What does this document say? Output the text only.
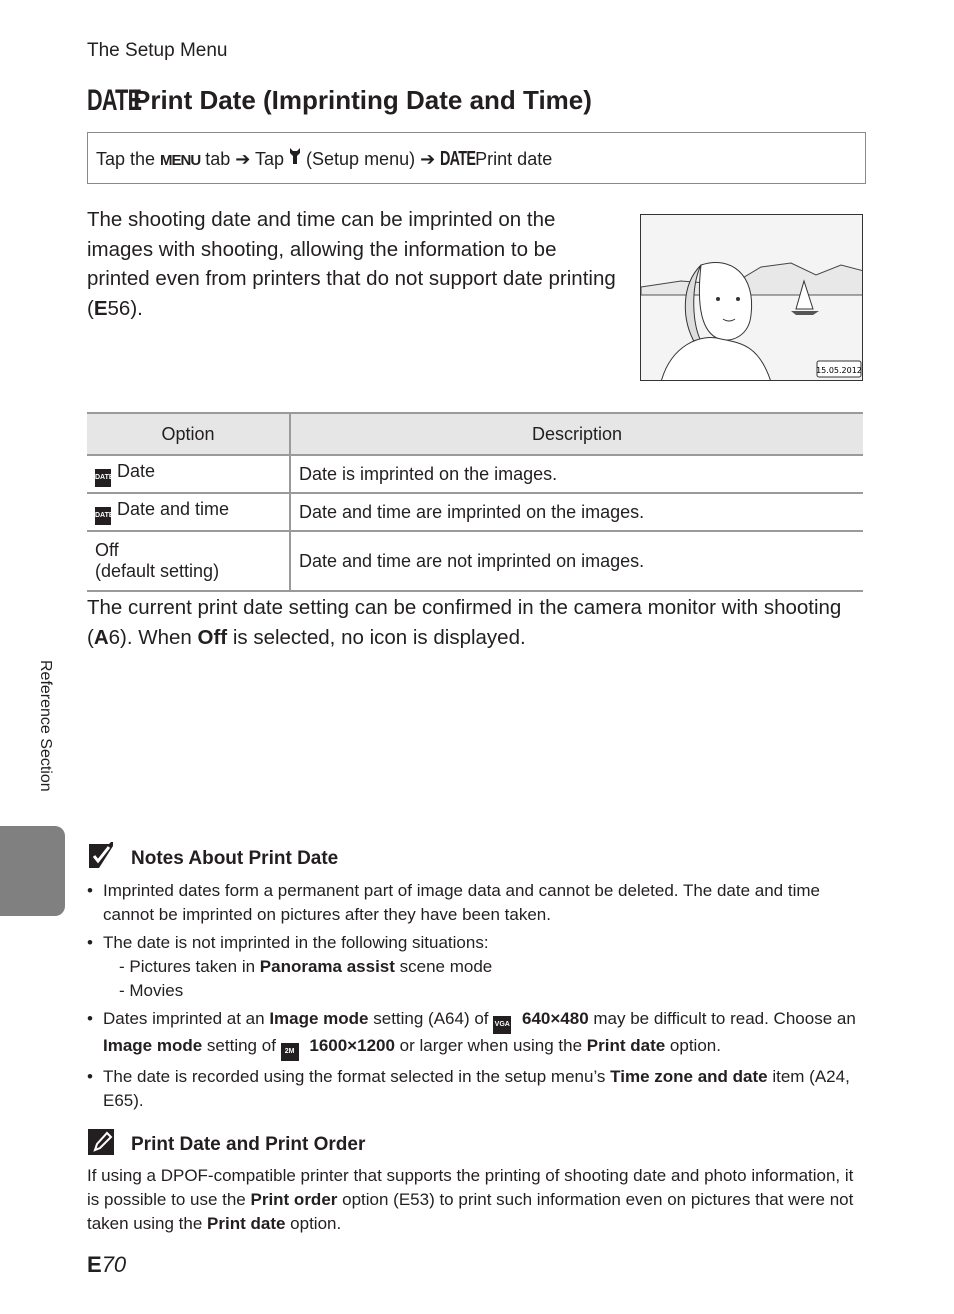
The Setup Menu
DATEPrint Date (Imprinting Date and Time)
Tap the MENU tab ➔ Tap  (Setup menu) ➔ DATE Print date
The shooting date and time can be imprinted on the images with shooting, allowing the information to be printed even from printers that do not support date printing (E56).
15.05.2012
Option	Description
DATE Date	Date is imprinted on the images.
DATE Date and time	Date and time are imprinted on the images.

Off
(default setting)	Date and time are not imprinted on images.
The current print date setting can be confirmed in the camera monitor with shooting (A6). When Off is selected, no icon is displayed.
Reference Section
Notes About Print Date
• Imprinted dates form a permanent part of image data and cannot be deleted. The date and time cannot be imprinted on pictures after they have been taken.
• The date is not imprinted in the following situations:
- Pictures taken in Panorama assist scene mode
- Movies
• Dates imprinted at an Image mode setting (A64) of VGA 640×480 may be difficult to read. Choose an Image mode setting of 2M 1600×1200 or larger when using the Print date option.
• The date is recorded using the format selected in the setup menu’s Time zone and date item (A24, E65).
Print Date and Print Order
If using a DPOF-compatible printer that supports the printing of shooting date and photo information, it is possible to use the Print order option (E53) to print such information even on pictures that were not taken using the Print date option.
E70
